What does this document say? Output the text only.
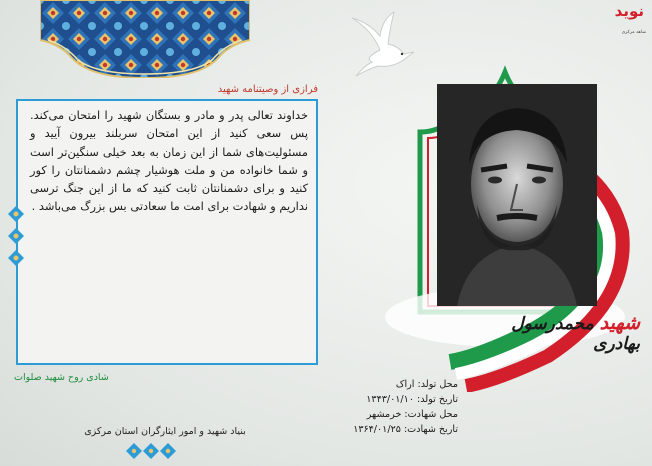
فرازی از وصیتنامه شهید
خداوند تعالی پدر و مادر و بستگان شهید را امتحان می‌کند. پس سعی کنید از این امتحان سربلند بیرون آیید و مسئولیت‌های شما از این زمان به بعد خیلی سنگین‌تر است و شما خانواده من و ملت هوشیار چشم دشمنانتان را کور کنید و برای دشمنانتان ثابت کنید که ما از این جنگ ترسی نداریم و شهادت برای امت ما سعادتی بس بزرگ می‌باشد .
شادی روح شهید صلوات
بنیاد شهید و امور ایثارگران استان مرکزی
نوید
شاهد مرکزی
شهید محمدرسول بهادری
محل تولد: اراک
تاریخ تولد: ۱۳۴۳/۰۱/۱۰
محل شهادت: خرمشهر
تاریخ شهادت: ۱۳۶۴/۰۱/۲۵
